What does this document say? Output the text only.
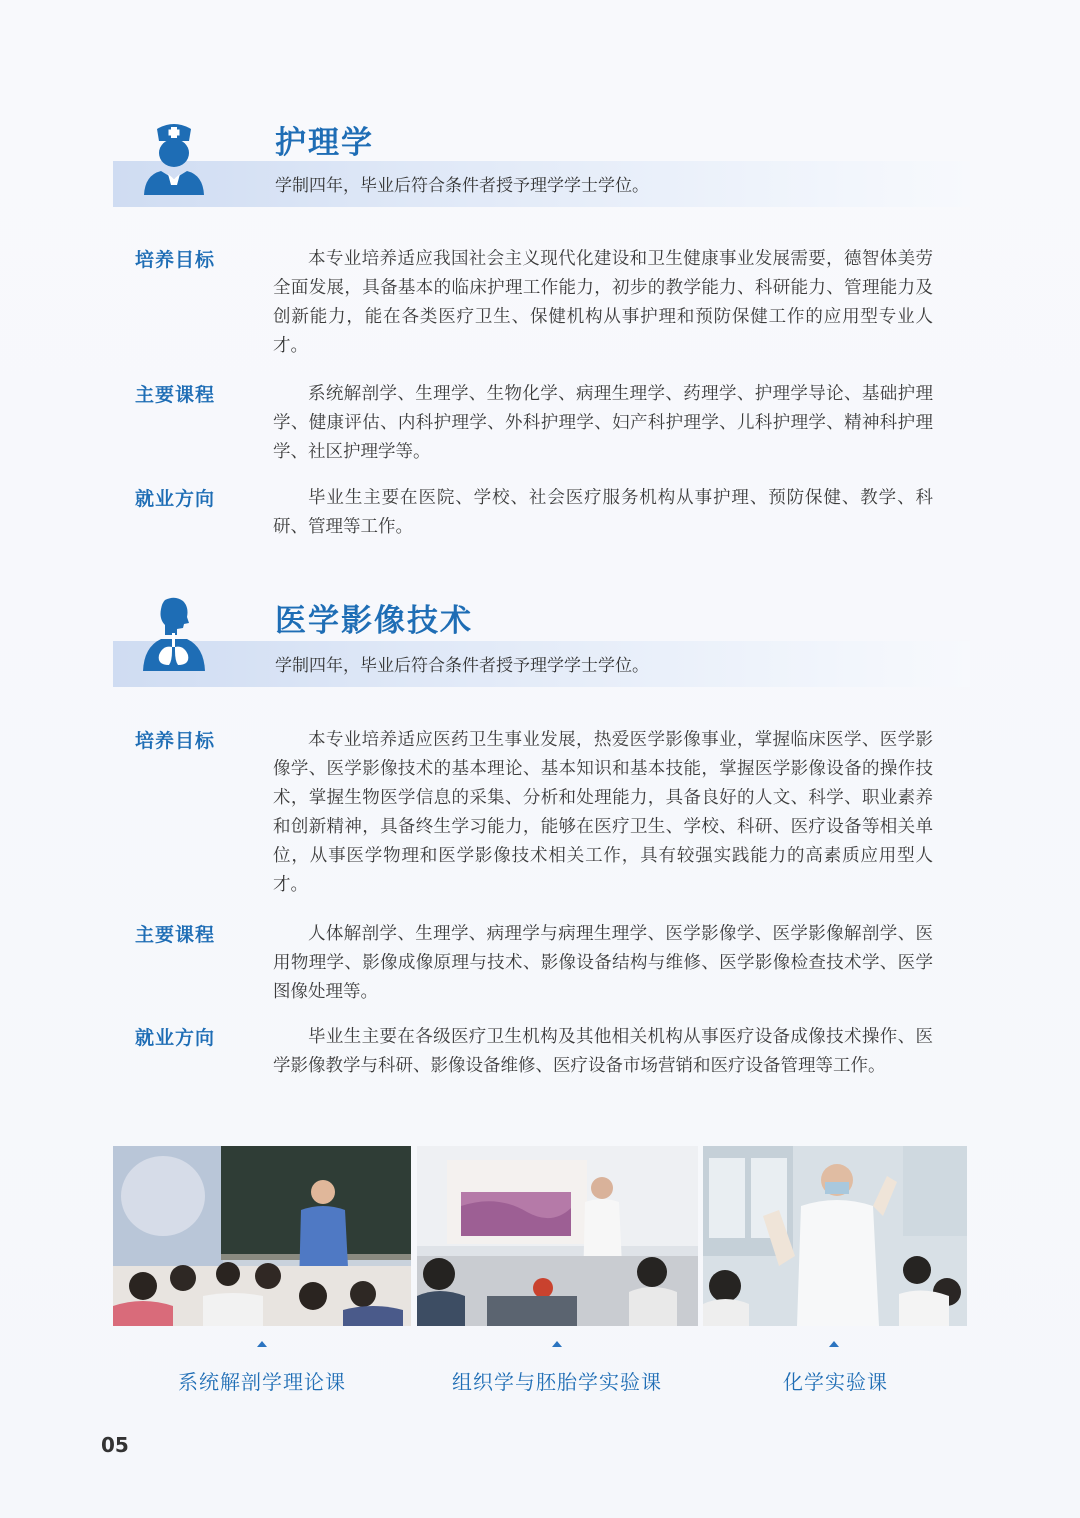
护理学
学制四年，毕业后符合条件者授予理学学士学位。
培养目标	本专业培养适应我国社会主义现代化建设和卫生健康事业发展需要，德智体美劳全面发展，具备基本的临床护理工作能力，初步的教学能力、科研能力、管理能力及创新能力，能在各类医疗卫生、保健机构从事护理和预防保健工作的应用型专业人才。
主要课程	系统解剖学、生理学、生物化学、病理生理学、药理学、护理学导论、基础护理学、健康评估、内科护理学、外科护理学、妇产科护理学、儿科护理学、精神科护理学、社区护理学等。
就业方向	毕业生主要在医院、学校、社会医疗服务机构从事护理、预防保健、教学、科研、管理等工作。
医学影像技术
学制四年，毕业后符合条件者授予理学学士学位。
培养目标	本专业培养适应医药卫生事业发展，热爱医学影像事业，掌握临床医学、医学影像学、医学影像技术的基本理论、基本知识和基本技能，掌握医学影像设备的操作技术，掌握生物医学信息的采集、分析和处理能力，具备良好的人文、科学、职业素养和创新精神，具备终生学习能力，能够在医疗卫生、学校、科研、医疗设备等相关单位，从事医学物理和医学影像技术相关工作，具有较强实践能力的高素质应用型人才。
主要课程	人体解剖学、生理学、病理学与病理生理学、医学影像学、医学影像解剖学、医用物理学、影像成像原理与技术、影像设备结构与维修、医学影像检查技术学、医学图像处理等。
就业方向	毕业生主要在各级医疗卫生机构及其他相关机构从事医疗设备成像技术操作、医学影像教学与科研、影像设备维修、医疗设备市场营销和医疗设备管理等工作。
系统解剖学理论课	组织学与胚胎学实验课	化学实验课
05
